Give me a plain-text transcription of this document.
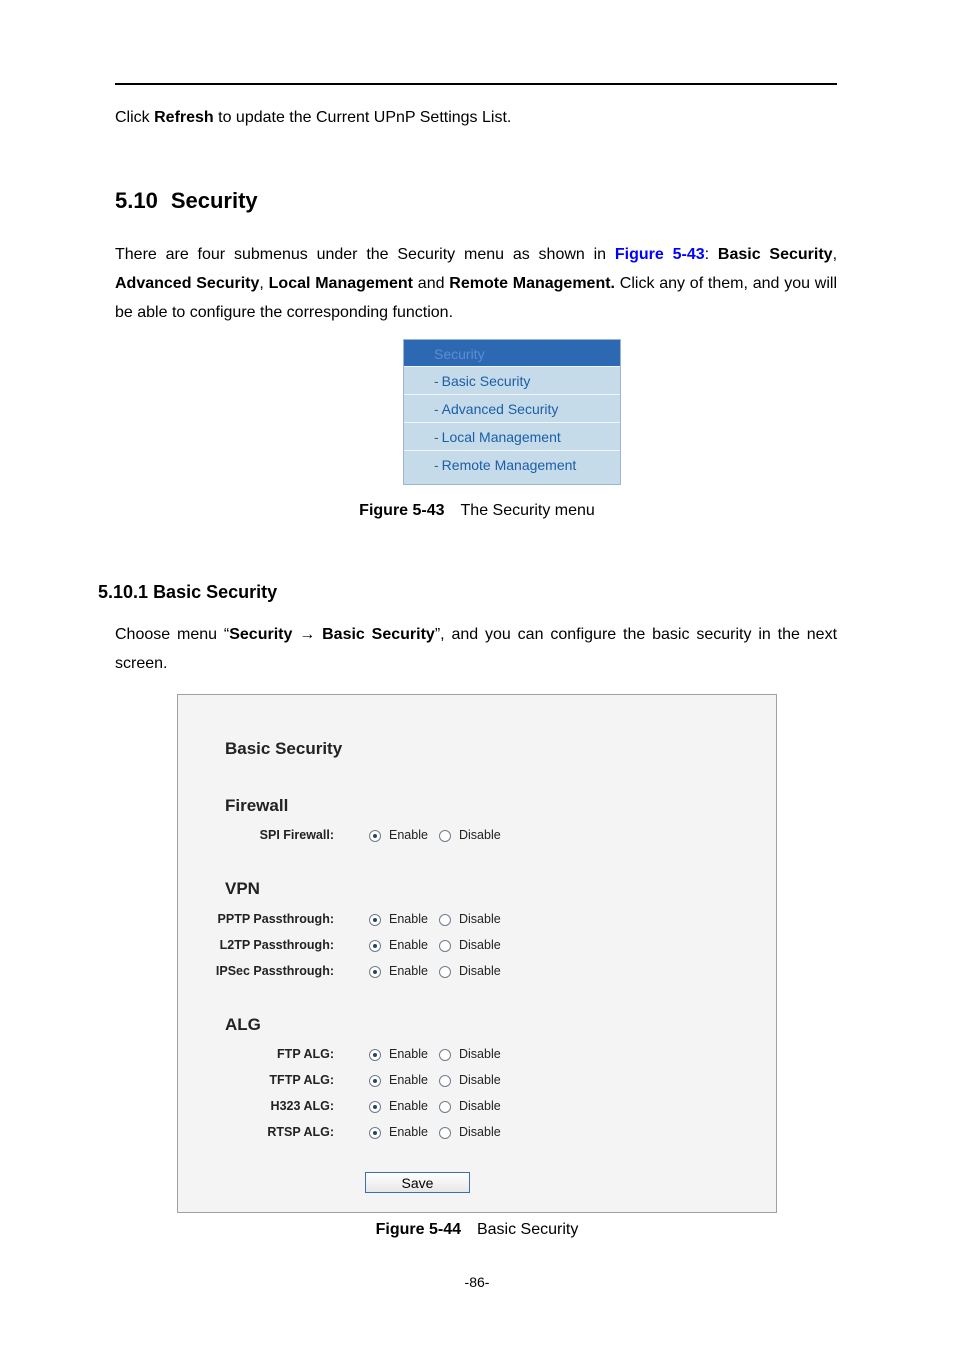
Click Refresh to update the Current UPnP Settings List.
5.10 Security
There are four submenus under the Security menu as shown in Figure 5-43: Basic Security,
Advanced Security, Local Management and Remote Management. Click any of them, and you will
be able to configure the corresponding function.
Security
- Basic Security
- Advanced Security
- Local Management
- Remote Management
Figure 5-43 The Security menu
5.10.1 Basic Security
Choose menu “Security → Basic Security”, and you can configure the basic security in the next
screen.
Basic Security
Firewall
VPN
ALG
Save
SPI Firewall:	Enable Disable
PPTP Passthrough:	Enable Disable
L2TP Passthrough:	Enable Disable
IPSec Passthrough:	Enable Disable
FTP ALG:	Enable Disable
TFTP ALG:	Enable Disable
H323 ALG:	Enable Disable
RTSP ALG:	Enable Disable
Figure 5-44 Basic Security
-86-
